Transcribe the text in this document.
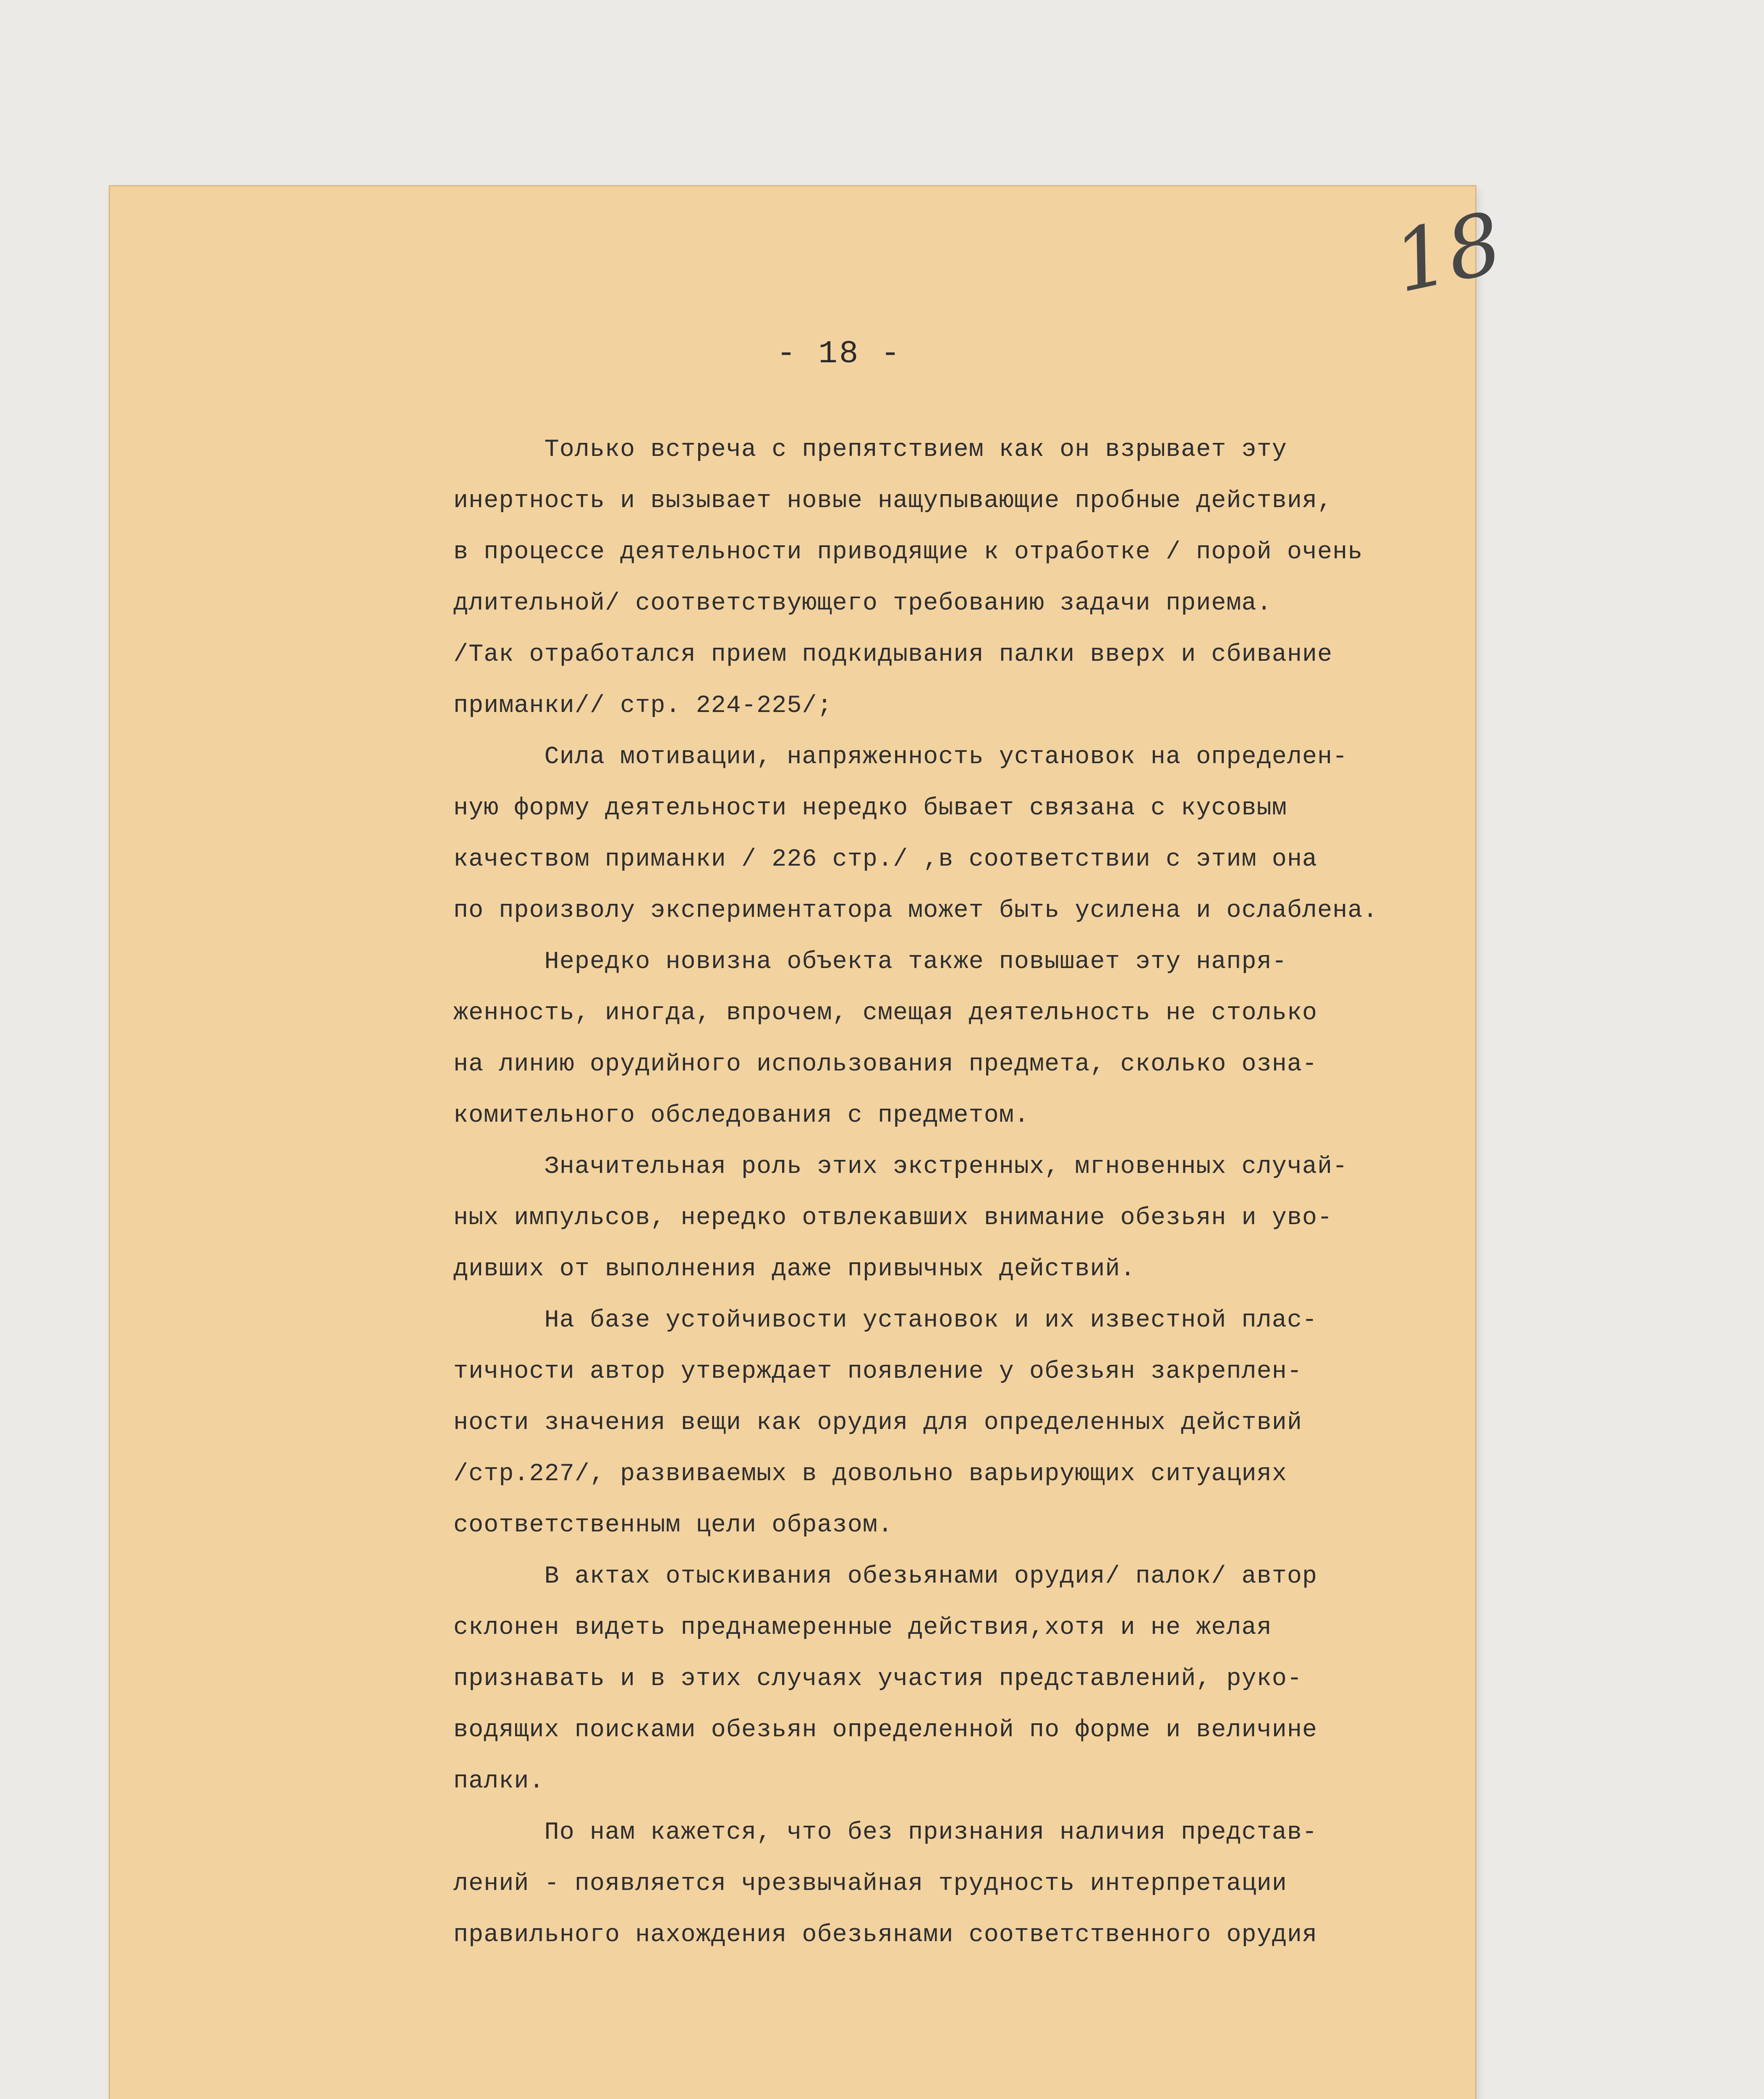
18
- 18 -
Только встреча с препятствием как он взрывает эту
инертность и вызывает новые нащупывающие пробные действия,
в процессе деятельности приводящие к отработке / порой очень
длительной/ соответствующего требованию задачи приема.
/Так отработался прием подкидывания палки вверх и сбивание
приманки// стр. 224-225/;
Сила мотивации, напряженность установок на определен-
ную форму деятельности нередко бывает связана с кусовым
качеством приманки / 226 стр./ ,в соответствии с этим она
по произволу экспериментатора может быть усилена и ослаблена.
Нередко новизна объекта также повышает эту напря-
женность, иногда, впрочем, смещая деятельность не столько
на линию орудийного использования предмета, сколько озна-
комительного обследования с предметом.
Значительная роль этих экстренных, мгновенных случай-
ных импульсов, нередко отвлекавших внимание обезьян и уво-
дивших от выполнения даже привычных действий.
На базе устойчивости установок и их известной плас-
тичности автор утверждает появление у обезьян закреплен-
ности значения вещи как орудия для определенных действий
/стр.227/, развиваемых в довольно варьирующих ситуациях
соответственным цели образом.
В актах отыскивания обезьянами орудия/ палок/ автор
склонен видеть преднамеренные действия,хотя и не желая
признавать и в этих случаях участия представлений, руко-
водящих поисками обезьян определенной по форме и величине
палки.
По нам кажется, что без признания наличия представ-
лений - появляется чрезвычайная трудность интерпретации
правильного нахождения обезьянами соответственного орудия
